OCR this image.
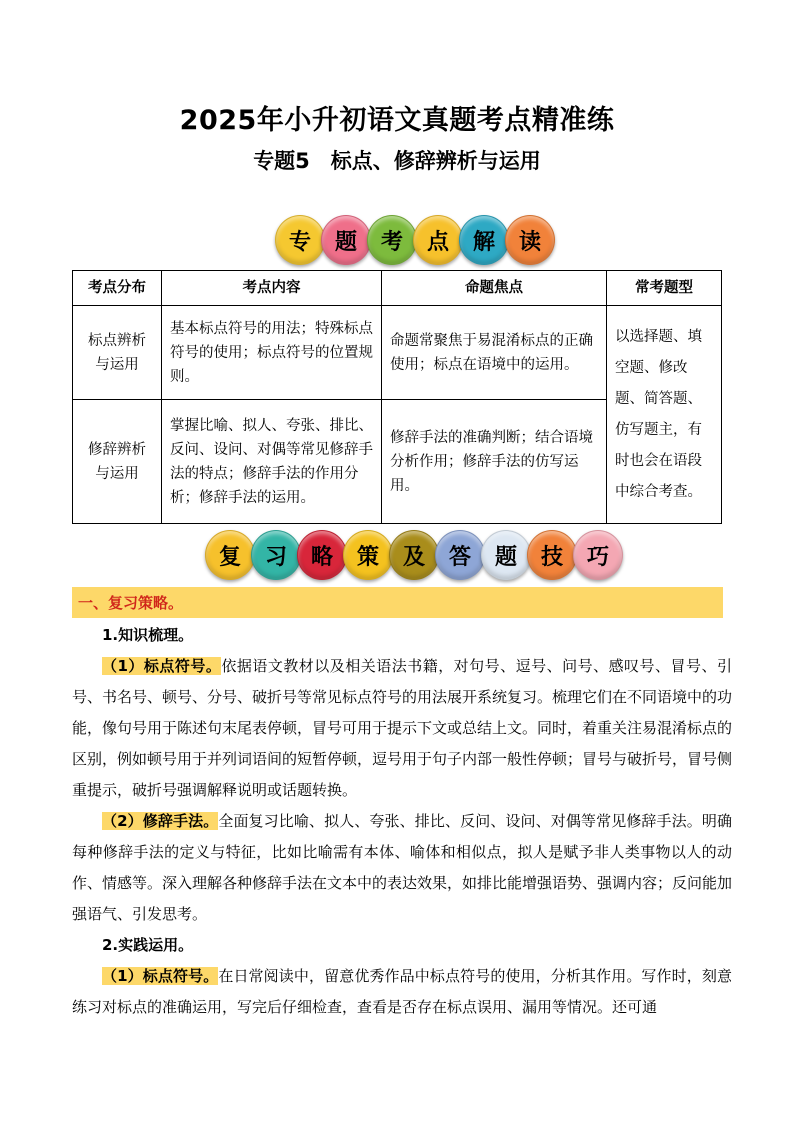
2025年小升初语文真题考点精准练
专题5　标点、修辞辨析与运用
专	题	考	点	解	读
考点分布	考点内容	命题焦点	常考题型
标点辨析与运用	基本标点符号的用法；特殊标点符号的使用；标点符号的位置规则。	命题常聚焦于易混淆标点的正确使用；标点在语境中的运用。	以选择题、填空题、修改题、简答题、仿写题主，有时也会在语段中综合考查。
修辞辨析与运用	掌握比喻、拟人、夸张、排比、反问、设问、对偶等常见修辞手法的特点；修辞手法的作用分析；修辞手法的运用。	修辞手法的准确判断；结合语境分析作用；修辞手法的仿写运用。	
复	习	略	策	及	答	题	技	巧
一、复习策略。
1.知识梳理。
（1）标点符号。依据语文教材以及相关语法书籍，对句号、逗号、问号、感叹号、冒号、引号、书名号、顿号、分号、破折号等常见标点符号的用法展开系统复习。梳理它们在不同语境中的功能，像句号用于陈述句末尾表停顿，冒号可用于提示下文或总结上文。同时，着重关注易混淆标点的区别，例如顿号用于并列词语间的短暂停顿，逗号用于句子内部一般性停顿；冒号与破折号，冒号侧重提示，破折号强调解释说明或话题转换。
（2）修辞手法。全面复习比喻、拟人、夸张、排比、反问、设问、对偶等常见修辞手法。明确每种修辞手法的定义与特征，比如比喻需有本体、喻体和相似点，拟人是赋予非人类事物以人的动作、情感等。深入理解各种修辞手法在文本中的表达效果，如排比能增强语势、强调内容；反问能加强语气、引发思考。
2.实践运用。
（1）标点符号。在日常阅读中，留意优秀作品中标点符号的使用，分析其作用。写作时，刻意练习对标点的准确运用，写完后仔细检查，查看是否存在标点误用、漏用等情况。还可通
